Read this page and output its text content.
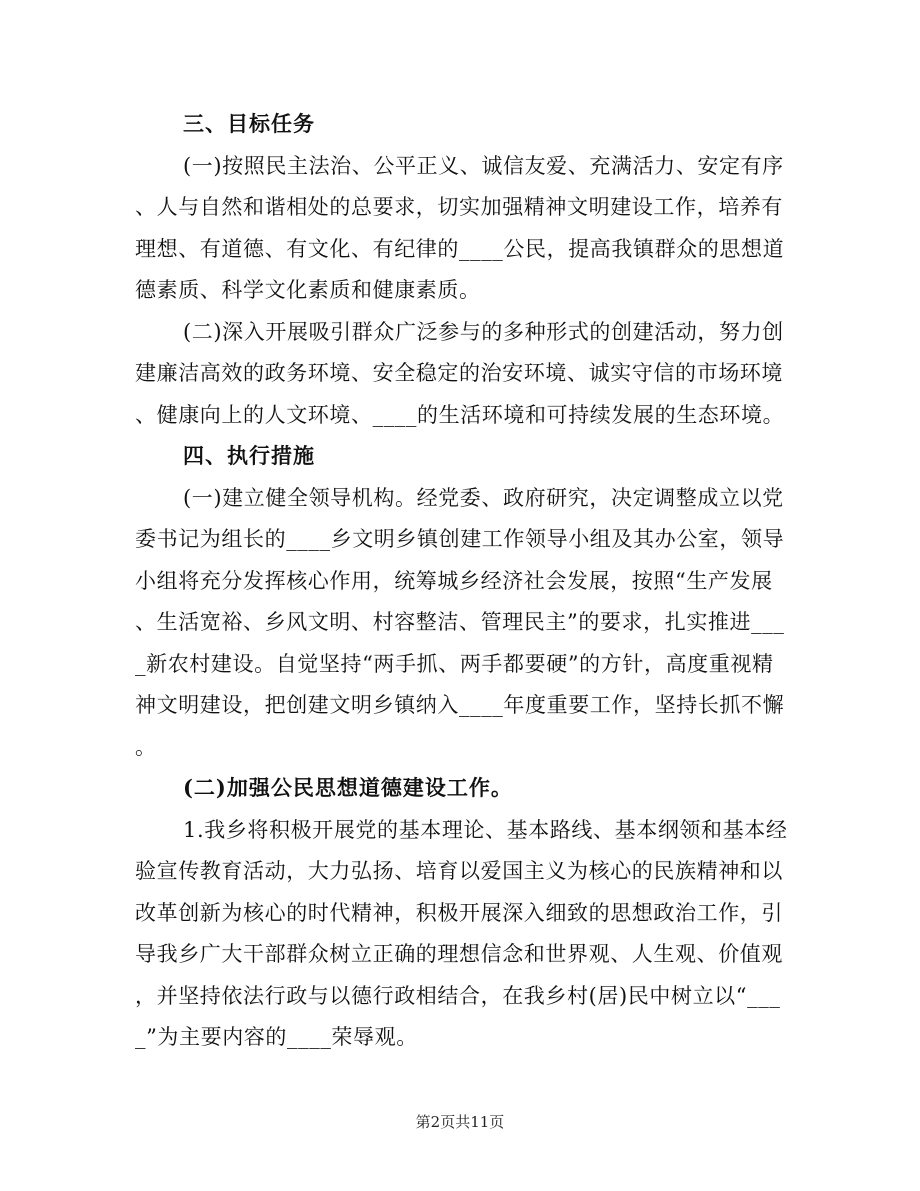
三、目标任务
(一)按照民主法治、公平正义、诚信友爱、充满活力、安定有序
、人与自然和谐相处的总要求，切实加强精神文明建设工作，培养有
理想、有道德、有文化、有纪律的____公民，提高我镇群众的思想道
德素质、科学文化素质和健康素质。
(二)深入开展吸引群众广泛参与的多种形式的创建活动，努力创
建廉洁高效的政务环境、安全稳定的治安环境、诚实守信的市场环境
、健康向上的人文环境、____的生活环境和可持续发展的生态环境。
四、执行措施
(一)建立健全领导机构。经党委、政府研究，决定调整成立以党
委书记为组长的____乡文明乡镇创建工作领导小组及其办公室，领导
小组将充分发挥核心作用，统筹城乡经济社会发展，按照“生产发展
、生活宽裕、乡风文明、村容整洁、管理民主”的要求，扎实推进___
_新农村建设。自觉坚持“两手抓、两手都要硬”的方针，高度重视精
神文明建设，把创建文明乡镇纳入____年度重要工作，坚持长抓不懈
。
(二)加强公民思想道德建设工作。
1.我乡将积极开展党的基本理论、基本路线、基本纲领和基本经
验宣传教育活动，大力弘扬、培育以爱国主义为核心的民族精神和以
改革创新为核心的时代精神，积极开展深入细致的思想政治工作，引
导我乡广大干部群众树立正确的理想信念和世界观、人生观、价值观
，并坚持依法行政与以德行政相结合，在我乡村(居)民中树立以“___
_”为主要内容的____荣辱观。
第2页共11页
